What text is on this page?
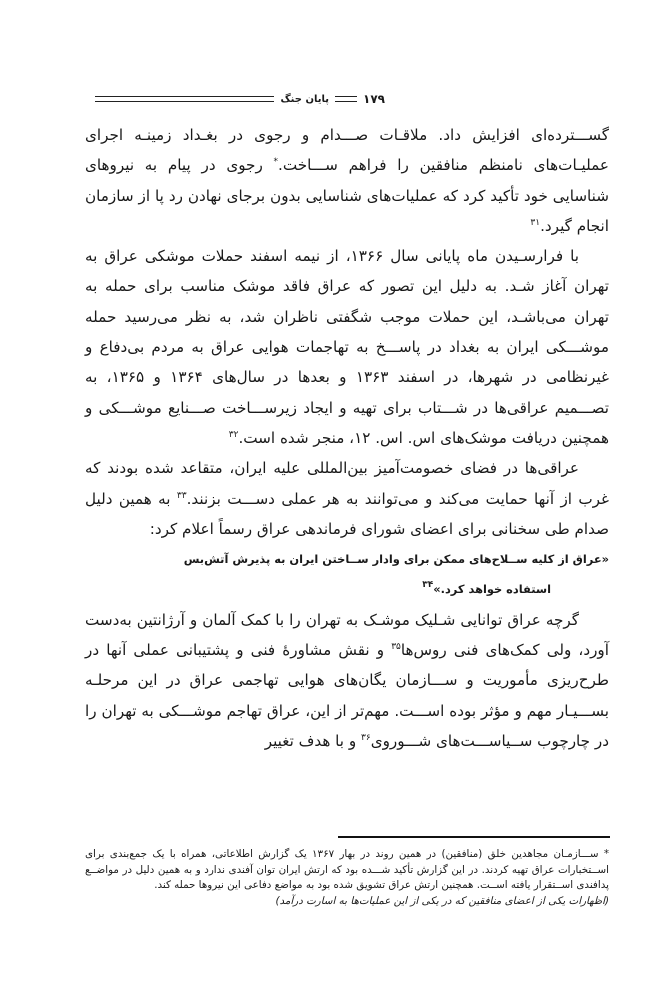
۱۷۹
پایان جنگ

گســـترده‌ای افزایش داد. ملاقـات صـــدام و رجوی در بغـداد زمینـه اجرای عملیـات‌های نامنظم منافقین را فراهم ســـاخت.* رجوی در پیام به نیروهای شناسایی خود تأکید کرد که عملیات‌های شناسایی بدون برجای نهادن رد پا از سازمان انجام گیرد.$^{۳۱}$

با فرارسـیدن ماه پایانی سال ۱۳۶۶، از نیمه اسفند حملات موشکی عراق به تهران آغاز شـد. به دلیل این تصور که عراق فاقد موشک مناسب برای حمله به تهران می‌باشـد، این حملات موجب شگفتی ناظران شد، به نظر می‌رسید حمله موشـــکی ایران به بغداد در پاســـخ به تهاجمات هوایی عراق به مردم بی‌دفاع و غیرنظامی در شهرها، در اسفند ۱۳۶۳ و بعدها در سال‌های ۱۳۶۴ و ۱۳۶۵، به تصـــمیم عراقی‌ها در شـــتاب برای تهیه و ایجاد زیرســـاخت صـــنایع موشـــکی و همچنین دریافت موشک‌های اس. اس. ۱۲، منجر شده است.$^{۳۲}$

عراقی‌ها در فضای خصومت‌آمیز بین‌المللی علیه ایران، متقاعد شده بودند که غرب از آنها حمایت می‌کند و می‌توانند به هر عملی دســـت بزنند.$^{۳۳}$ به همین دلیل صدام طی سخنانی برای اعضای شورای فرماندهی عراق رسماً اعلام کرد:

«عراق از کلیه ســلاح‌های ممکن برای وادار ســاختن ایران به پذیرش آتش‌بس

استفاده خواهد کرد.»$^{۳۴}$

گرچه عراق توانایی شـلیک موشـک به تهران را با کمک آلمان و آرژانتین به‌دست آورد، ولی کمک‌های فنی روس‌ها$^{۳۵}$ و نقش مشاورهٔ فنی و پشتیبانی عملی آنها در طرح‌ریزی مأموریت و ســـازمان یگان‌های هوایی تهاجمی عراق در این مرحلـه بســـیـار مهم و مؤثر بوده اســـت. مهم‌تر از این، عراق تهاجم موشـــکی به تهران را در چارچوب ســیاســـت‌های شـــوروی$^{۳۶}$ و با هدف تغییر

* ســـازمـان مجاهدین خلق (منافقین) در همین روند در بهار ۱۳۶۷ یک گزارش اطلاعاتی، همراه با یک جمع‌بندی برای اســتخبارات عراق تهیه کردند. در این گزارش تأکید شـــده بود که ارتش ایران توان آفندی ندارد و به همین دلیل در مواضــع پدافندی اســتقرار یافته اســت. همچنین ارتش عراق تشویق شده بود به مواضع دفاعی این نیروها حمله کند.

(اظهارات یکی از اعضای منافقین که در یکی از این عملیات‌ها به اسارت درآمد)
